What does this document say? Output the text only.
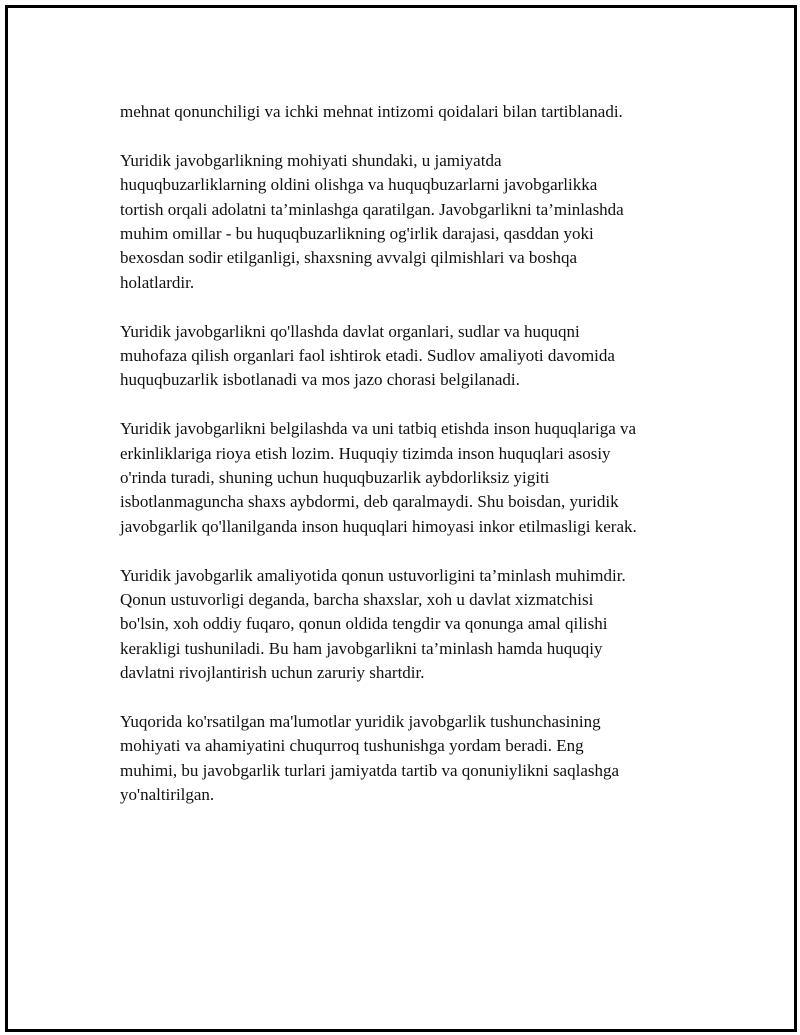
mehnat qonunchiligi va ichki mehnat intizomi qoidalari bilan tartiblanadi.

Yuridik javobgarlikning mohiyati shundaki, u jamiyatda
huquqbuzarliklarning oldini olishga va huquqbuzarlarni javobgarlikka
tortish orqali adolatni ta’minlashga qaratilgan. Javobgarlikni ta’minlashda
muhim omillar - bu huquqbuzarlikning og'irlik darajasi, qasddan yoki
bexosdan sodir etilganligi, shaxsning avvalgi qilmishlari va boshqa
holatlardir.

Yuridik javobgarlikni qo'llashda davlat organlari, sudlar va huquqni
muhofaza qilish organlari faol ishtirok etadi. Sudlov amaliyoti davomida
huquqbuzarlik isbotlanadi va mos jazo chorasi belgilanadi.

Yuridik javobgarlikni belgilashda va uni tatbiq etishda inson huquqlariga va
erkinliklariga rioya etish lozim. Huquqiy tizimda inson huquqlari asosiy
o'rinda turadi, shuning uchun huquqbuzarlik aybdorliksiz yigiti
isbotlanmaguncha shaxs aybdormi, deb qaralmaydi. Shu boisdan, yuridik
javobgarlik qo'llanilganda inson huquqlari himoyasi inkor etilmasligi kerak.

Yuridik javobgarlik amaliyotida qonun ustuvorligini ta’minlash muhimdir.
Qonun ustuvorligi deganda, barcha shaxslar, xoh u davlat xizmatchisi
bo'lsin, xoh oddiy fuqaro, qonun oldida tengdir va qonunga amal qilishi
kerakligi tushuniladi. Bu ham javobgarlikni ta’minlash hamda huquqiy
davlatni rivojlantirish uchun zaruriy shartdir.

Yuqorida ko'rsatilgan ma'lumotlar yuridik javobgarlik tushunchasining
mohiyati va ahamiyatini chuqurroq tushunishga yordam beradi. Eng
muhimi, bu javobgarlik turlari jamiyatda tartib va qonuniylikni saqlashga
yo'naltirilgan.
